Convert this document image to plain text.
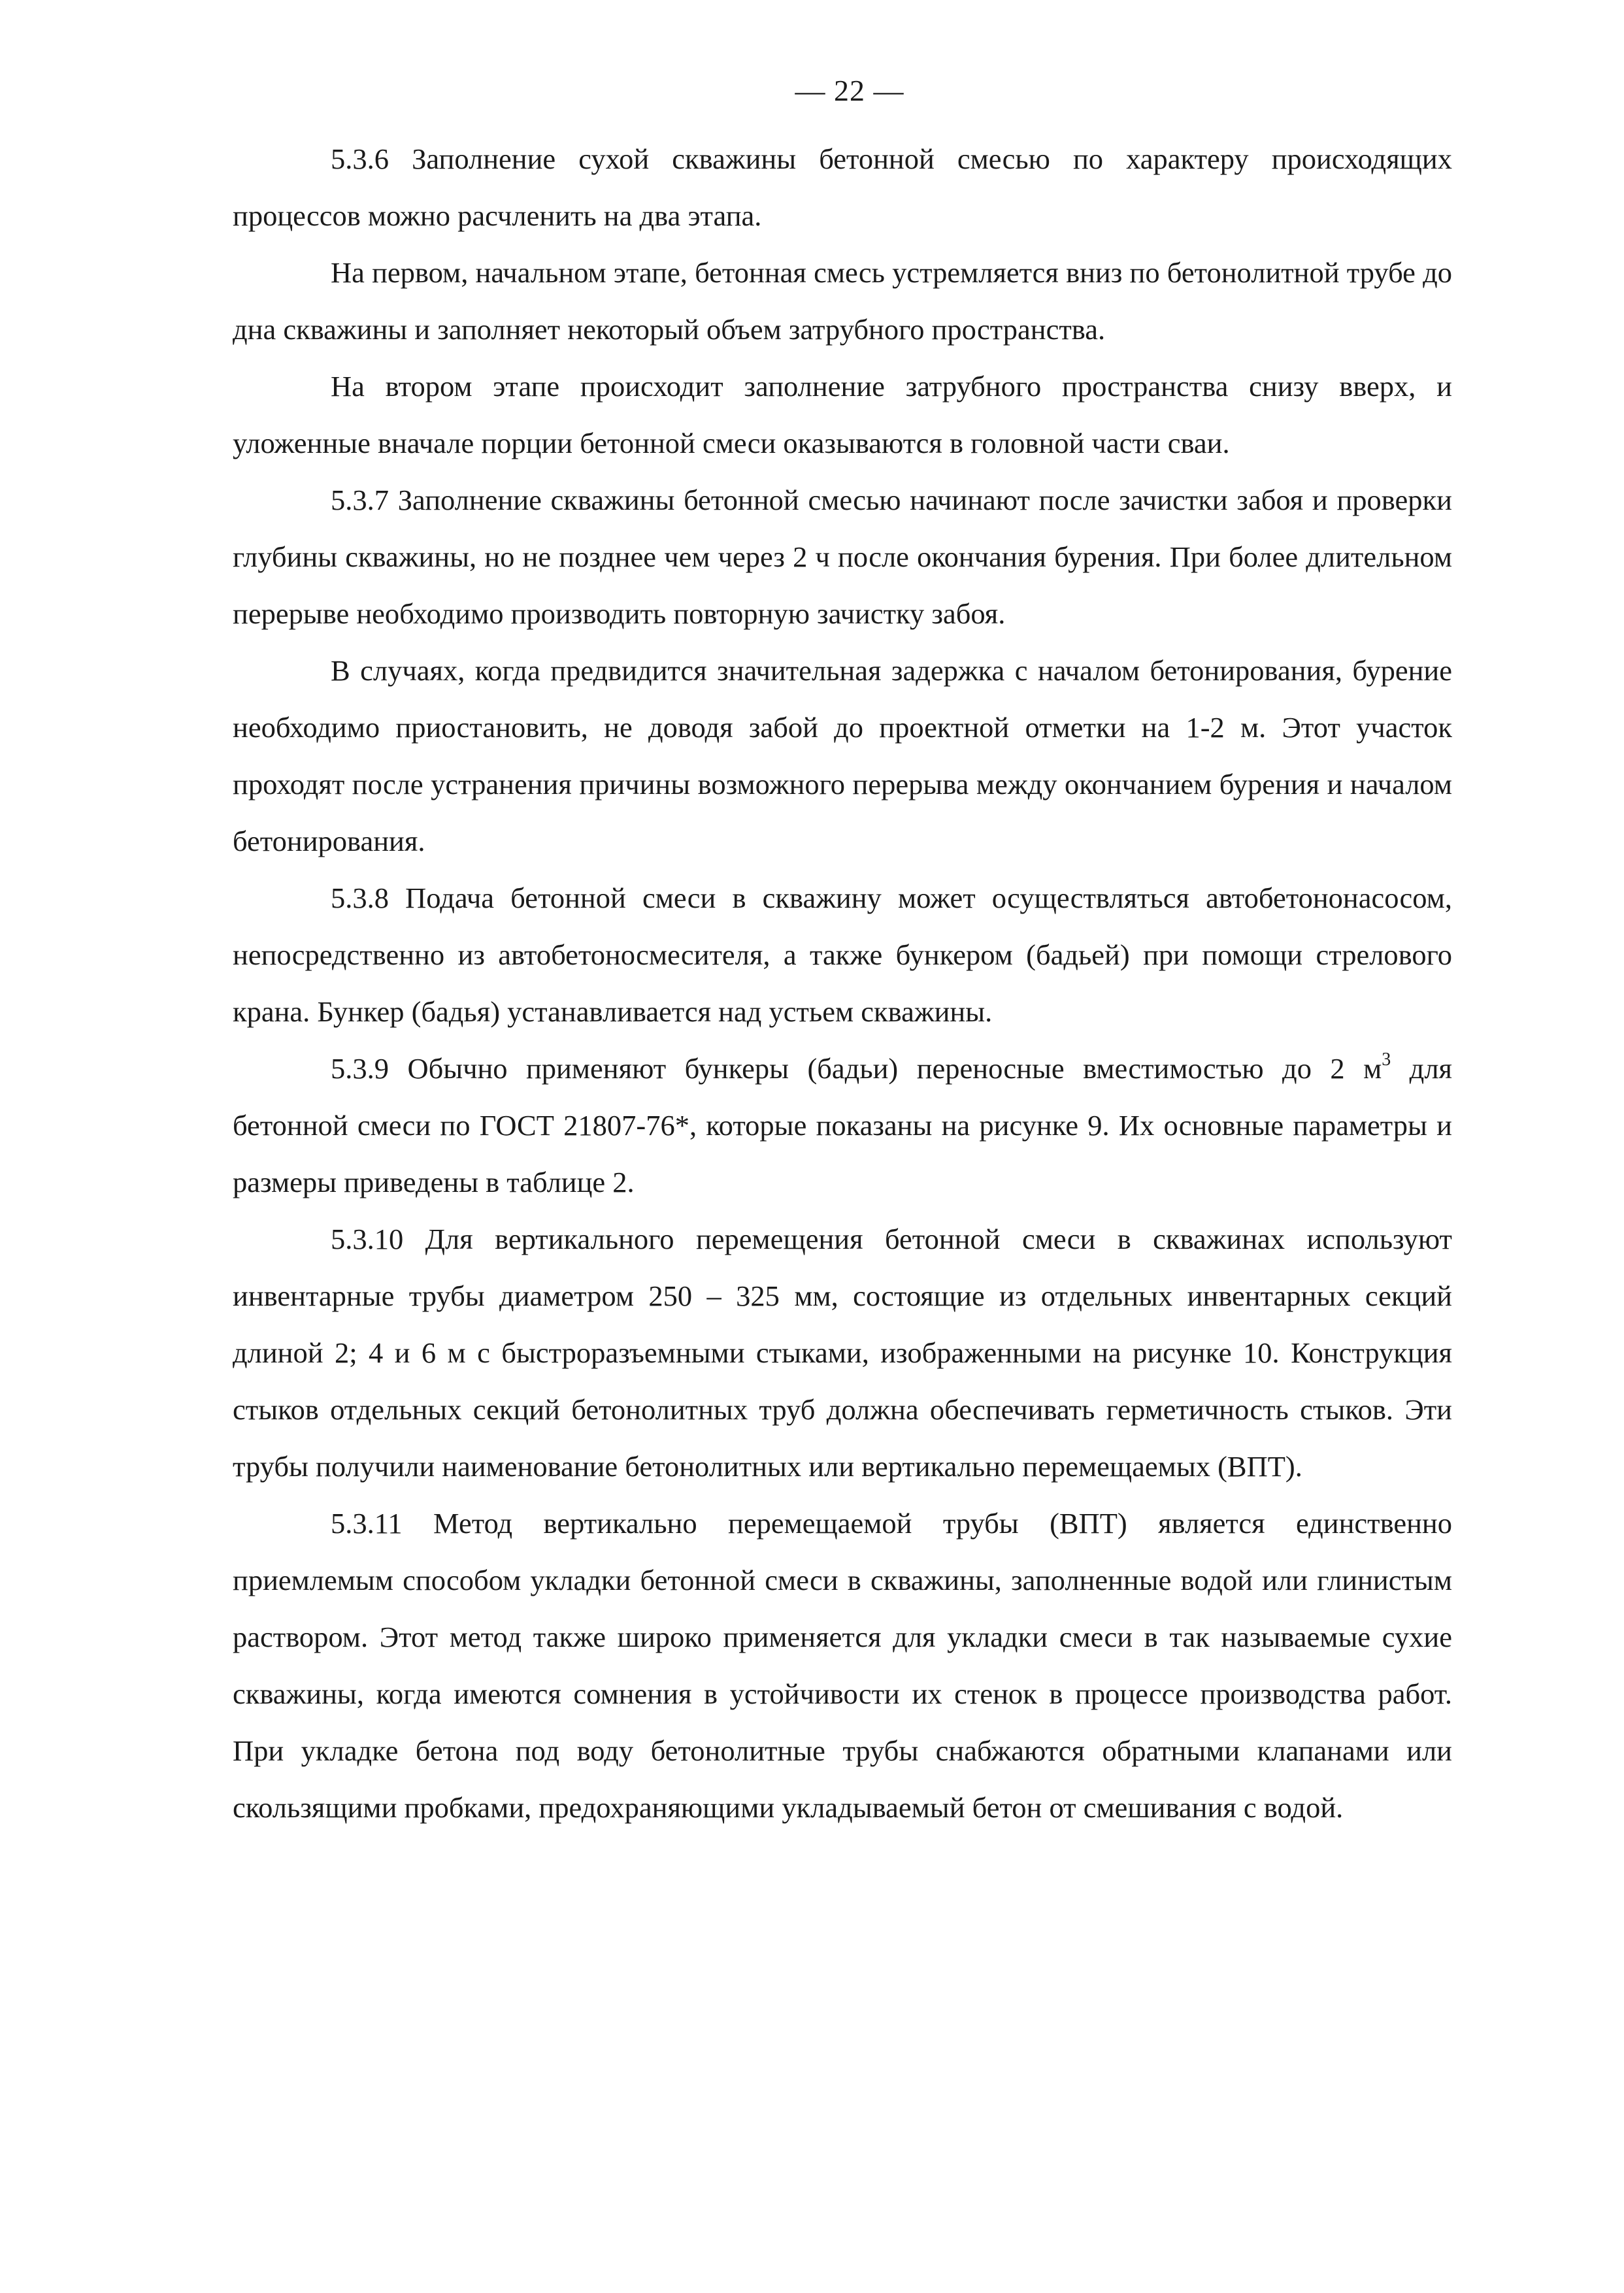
— 22 —

5.3.6 Заполнение сухой скважины бетонной смесью по характеру происходящих процессов можно расчленить на два этапа.

На первом, начальном этапе, бетонная смесь устремляется вниз по бетонолитной трубе до дна скважины и заполняет некоторый объем затрубного пространства.

На втором этапе происходит заполнение затрубного пространства снизу вверх, и уложенные вначале порции бетонной смеси оказываются в головной части сваи.

5.3.7 Заполнение скважины бетонной смесью начинают после зачистки забоя и проверки глубины скважины, но не позднее чем через 2 ч после окончания бурения. При более длительном перерыве необходимо производить повторную зачистку забоя.

В случаях, когда предвидится значительная задержка с началом бетонирования, бурение необходимо приостановить, не доводя забой до проектной отметки на 1-2 м. Этот участок проходят после устранения причины возможного перерыва между окончанием бурения и началом бетонирования.

5.3.8 Подача бетонной смеси в скважину может осуществляться автобетононасосом, непосредственно из автобетоносмесителя, а также бункером (бадьей) при помощи стрелового крана. Бункер (бадья) устанавливается над устьем скважины.

5.3.9 Обычно применяют бункеры (бадьи) переносные вместимостью до 2 $м^3$ для бетонной смеси по ГОСТ 21807-76*, которые показаны на рисунке 9. Их основные параметры и размеры приведены в таблице 2.

5.3.10 Для вертикального перемещения бетонной смеси в скважинах используют инвентарные трубы диаметром 250 – 325 мм, состоящие из отдельных инвентарных секций длиной 2; 4 и 6 м с быстроразъемными стыками, изображенными на рисунке 10. Конструкция стыков отдельных секций бетонолитных труб должна обеспечивать герметичность стыков. Эти трубы получили наименование бетонолитных или вертикально перемещаемых (ВПТ).

5.3.11 Метод вертикально перемещаемой трубы (ВПТ) является единственно приемлемым способом укладки бетонной смеси в скважины, заполненные водой или глинистым раствором. Этот метод также широко применяется для укладки смеси в так называемые сухие скважины, когда имеются сомнения в устойчивости их стенок в процессе производства работ. При укладке бетона под воду бетонолитные трубы снабжаются обратными клапанами или скользящими пробками, предохраняющими укладываемый бетон от смешивания с водой.
